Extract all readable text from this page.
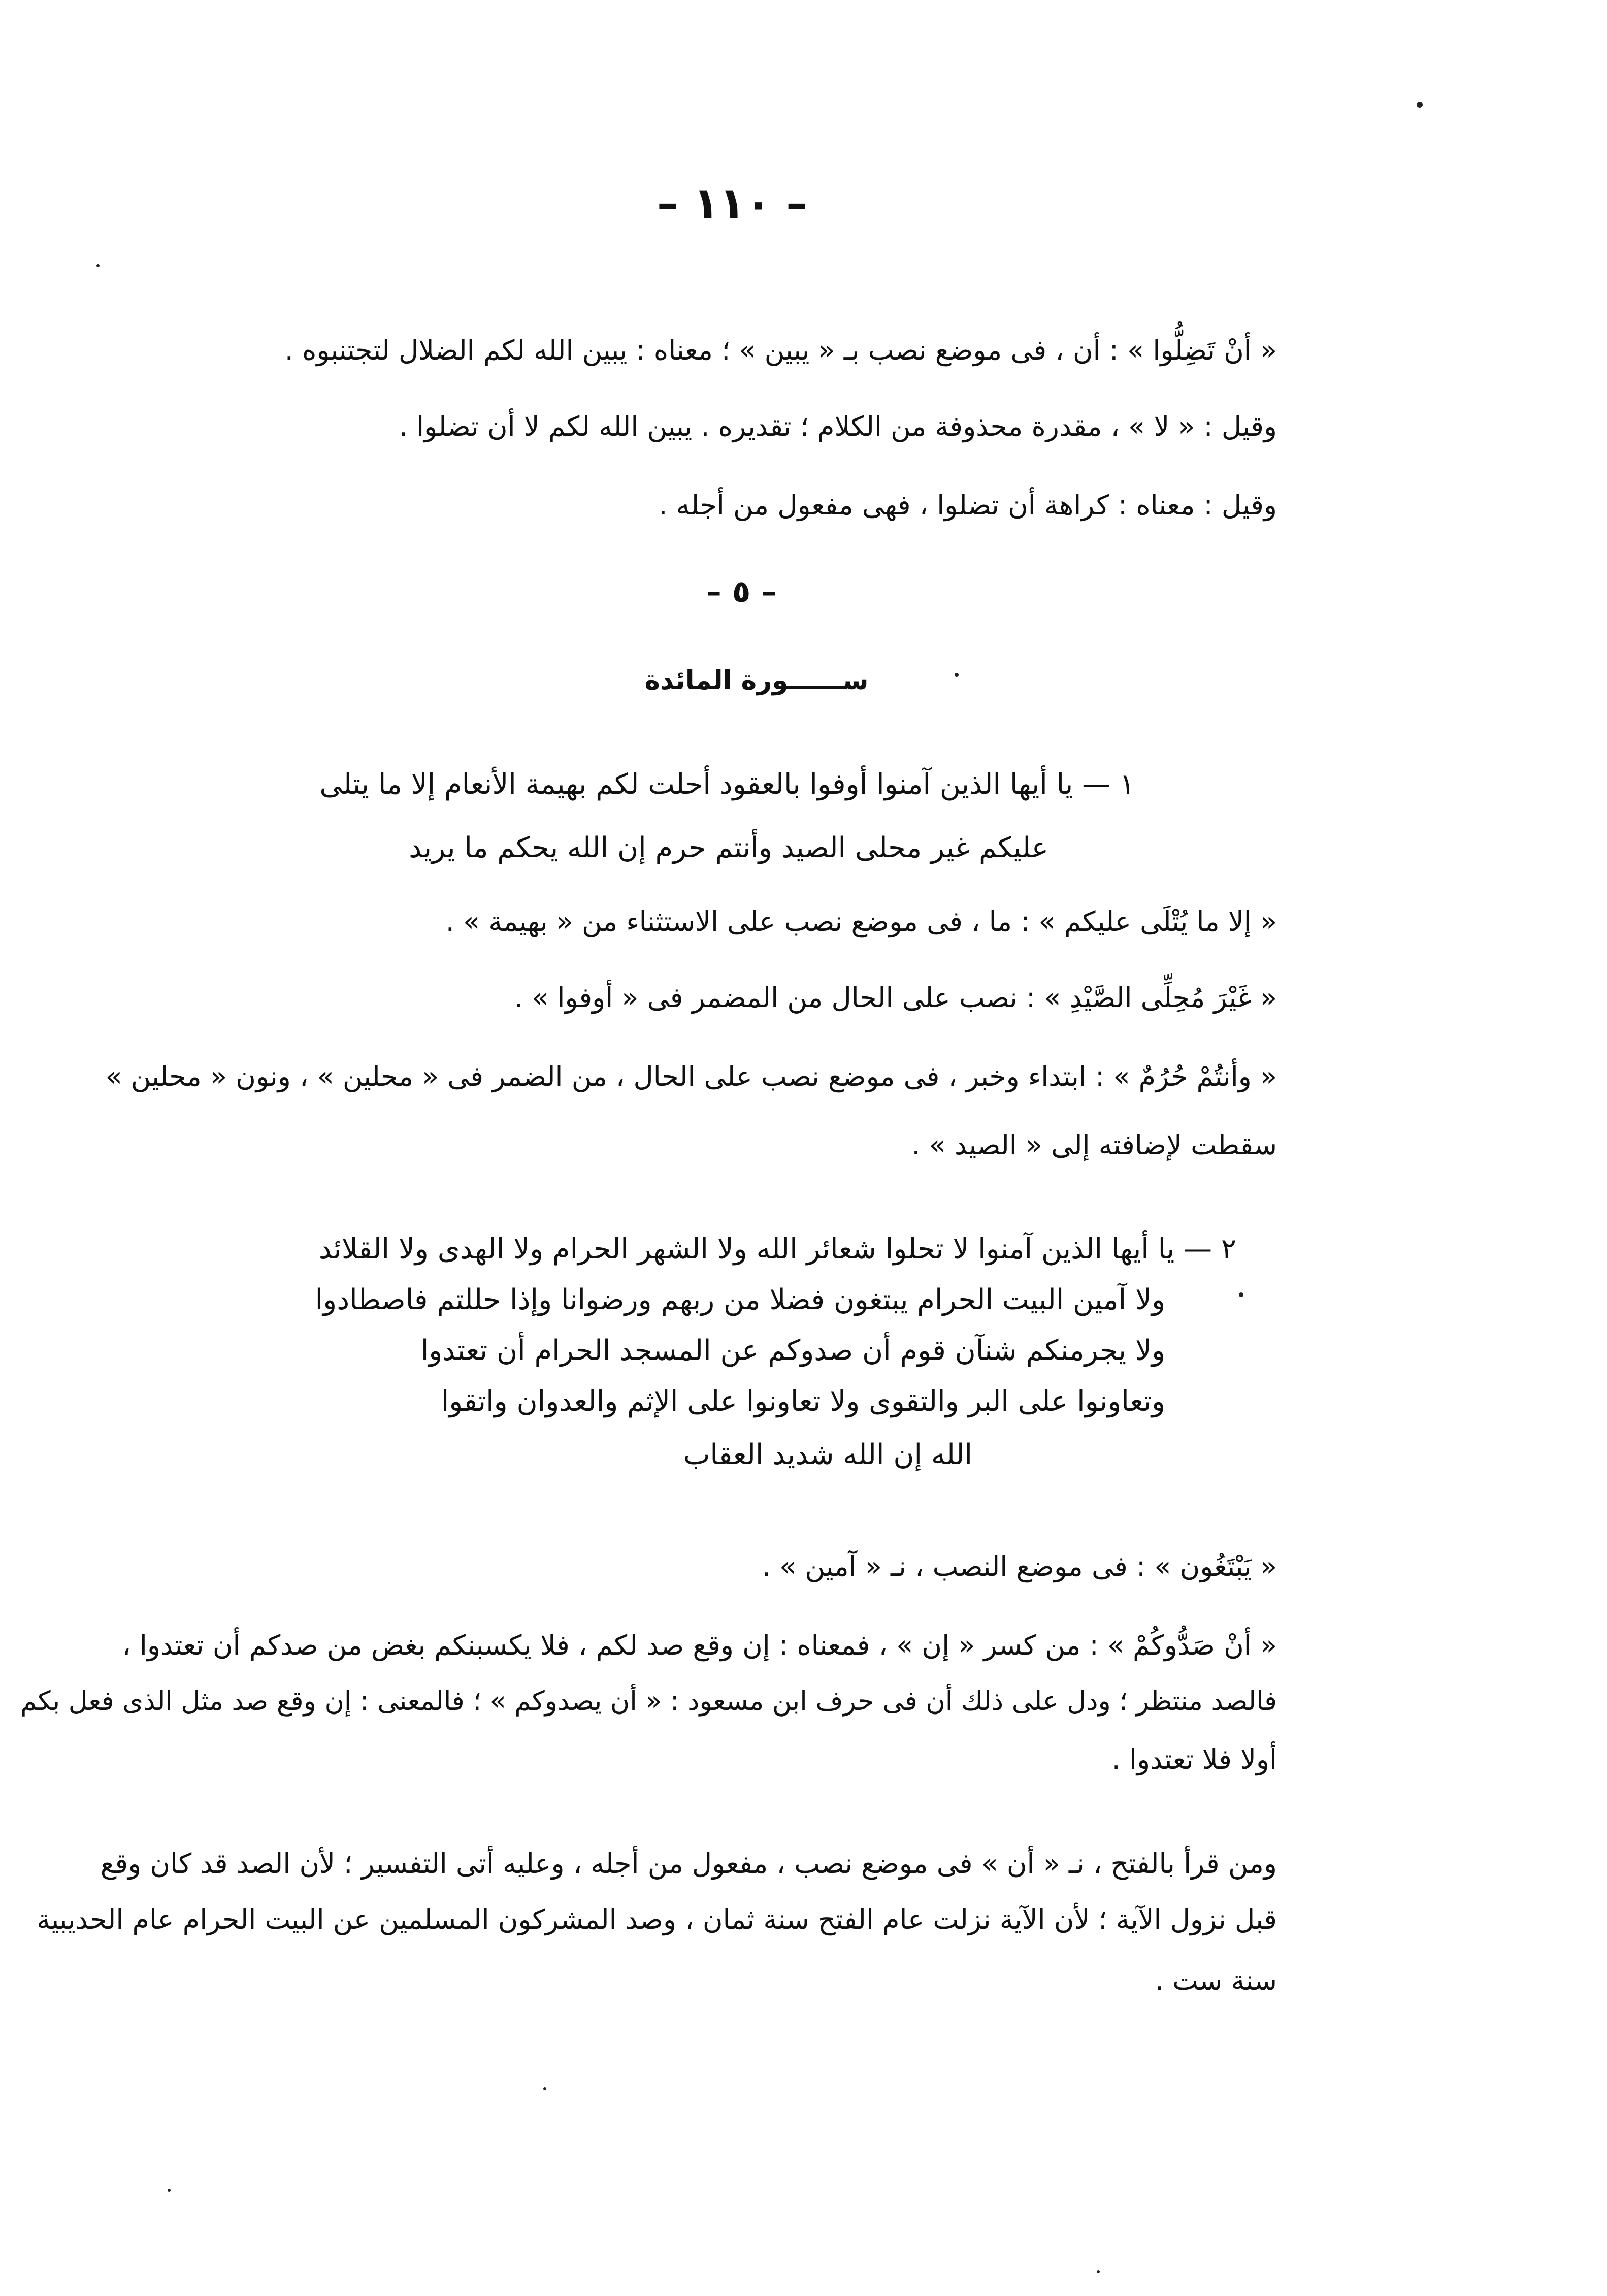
– ١١٠ –
« أنْ تَضِلُّوا » : أن ، فى موضع نصب بـ « يبين » ؛ معناه : يبين الله لكم الضلال لتجتنبوه .
وقيل : « لا » ، مقدرة محذوفة من الكلام ؛ تقديره . يبين الله لكم لا أن تضلوا .
وقيل : معناه : كراهة أن تضلوا ، فهى مفعول من أجله .
– ٥ –
ســــــورة المائدة
١ — يا أيها الذين آمنوا أوفوا بالعقود أحلت لكم بهيمة الأنعام إلا ما يتلى
عليكم غير محلى الصيد وأنتم حرم إن الله يحكم ما يريد
« إلا ما يُتْلَى عليكم » : ما ، فى موضع نصب على الاستثناء من « بهيمة » .
« غَيْرَ مُحِلِّى الصَّيْدِ » : نصب على الحال من المضمر فى « أوفوا » .
« وأنتُمْ حُرُمٌ » : ابتداء وخبر ، فى موضع نصب على الحال ، من الضمر فى « محلين » ، ونون « محلين »
سقطت لإضافته إلى « الصيد » .
٢ — يا أيها الذين آمنوا لا تحلوا شعائر الله ولا الشهر الحرام ولا الهدى ولا القلائد
ولا آمين البيت الحرام يبتغون فضلا من ربهم ورضوانا وإذا حللتم فاصطادوا
ولا يجرمنكم شنآن قوم أن صدوكم عن المسجد الحرام أن تعتدوا
وتعاونوا على البر والتقوى ولا تعاونوا على الإثم والعدوان واتقوا
الله إن الله شديد العقاب
« يَبْتَغُون » : فى موضع النصب ، نـ « آمين » .
« أنْ صَدُّوكُمْ » : من كسر « إن » ، فمعناه : إن وقع صد لكم ، فلا يكسبنكم بغض من صدكم أن تعتدوا ،
فالصد منتظر ؛ ودل على ذلك أن فى حرف ابن مسعود : « أن يصدوكم » ؛ فالمعنى : إن وقع صد مثل الذى فعل بكم
أولا فلا تعتدوا .
ومن قرأ بالفتح ، نـ « أن » فى موضع نصب ، مفعول من أجله ، وعليه أتى التفسير ؛ لأن الصد قد كان وقع
قبل نزول الآية ؛ لأن الآية نزلت عام الفتح سنة ثمان ، وصد المشركون المسلمين عن البيت الحرام عام الحديبية
سنة ست .
